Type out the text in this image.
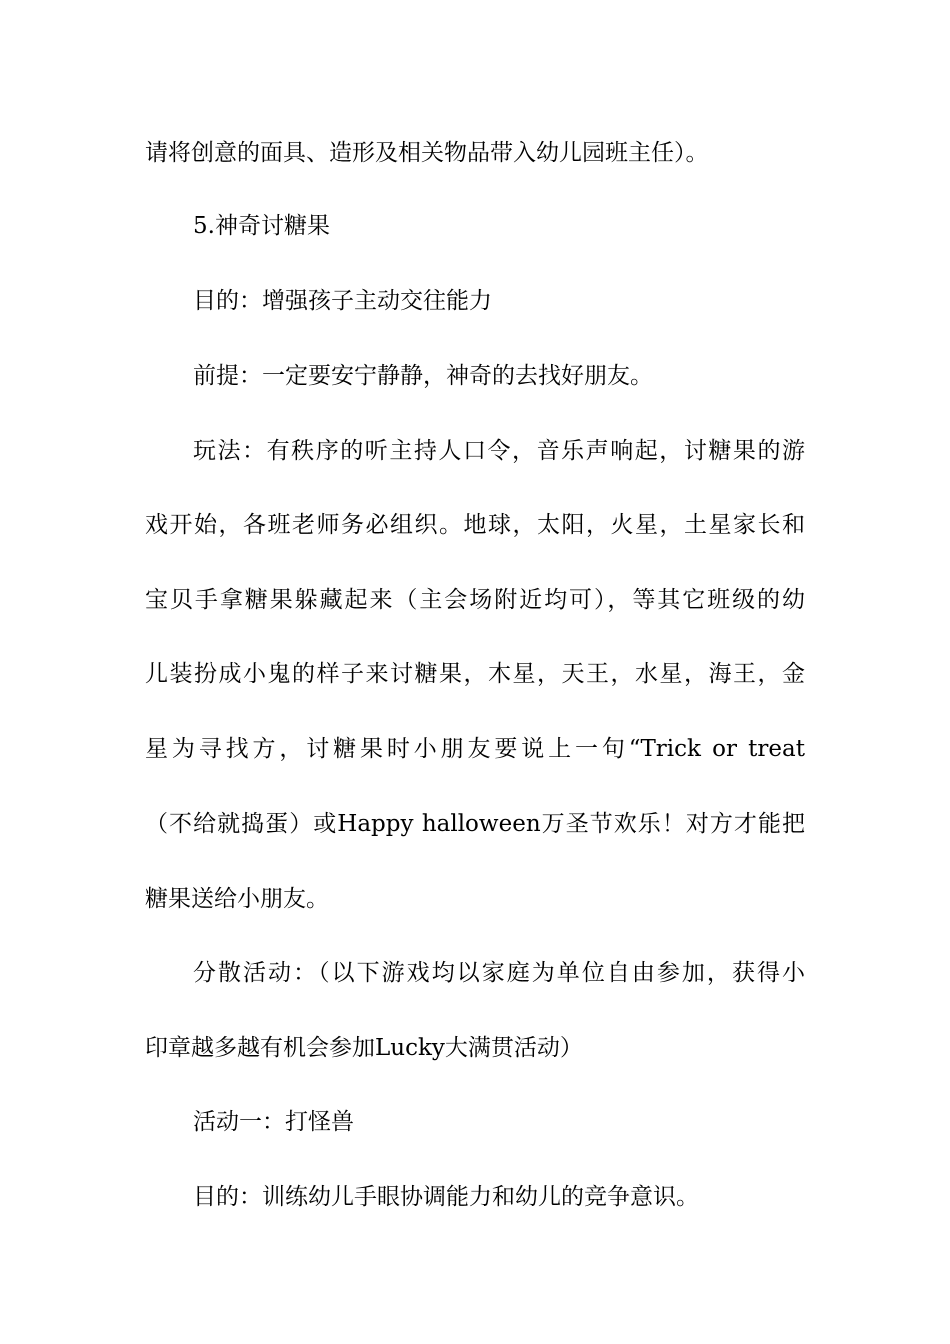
请将创意的面具、造形及相关物品带入幼儿园班主任）。
5.神奇讨糖果
目的：增强孩子主动交往能力
前提：一定要安宁静静，神奇的去找好朋友。
玩法：有秩序的听主持人口令，音乐声响起，讨糖果的游
戏开始，各班老师务必组织。地球，太阳，火星，土星家长和
宝贝手拿糖果躲藏起来（主会场附近均可），等其它班级的幼
儿装扮成小鬼的样子来讨糖果，木星，天王，水星，海王，金
星为寻找方，讨糖果时小朋友要说上一句“Trick or treat
（不给就捣蛋）或Happy halloween万圣节欢乐！对方才能把
糖果送给小朋友。
分散活动：（以下游戏均以家庭为单位自由参加，获得小
印章越多越有机会参加Lucky大满贯活动）
活动一：打怪兽
目的：训练幼儿手眼协调能力和幼儿的竞争意识。
